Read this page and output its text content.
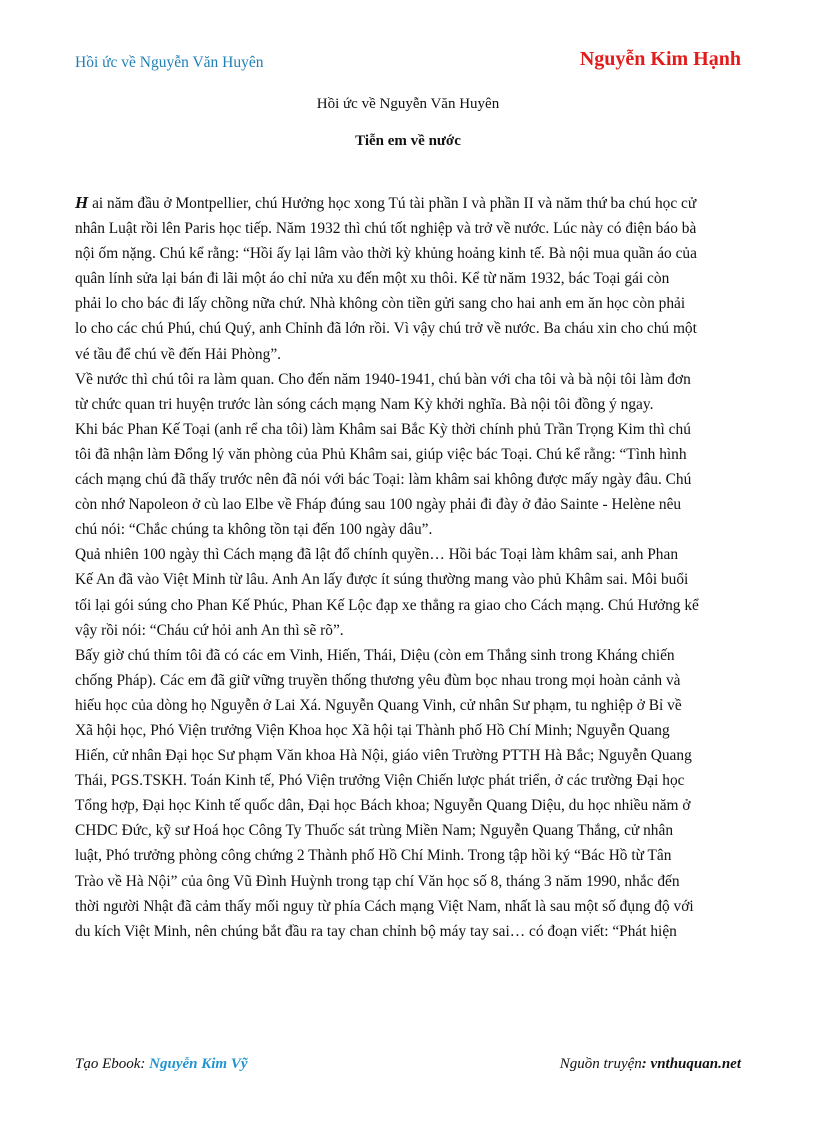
Hồi ức về Nguyễn Văn Huyên	Nguyễn Kim Hạnh
Hồi ức về Nguyễn Văn Huyên
Tiễn em về nước
H ai năm đầu ở Montpellier, chú Hưởng học xong Tú tài phần I và phần II và năm thứ ba chú học cử
nhân Luật rồi lên Paris học tiếp. Năm 1932 thì chú tốt nghiệp và trở về nước. Lúc này có điện báo bà
nội ốm nặng. Chú kể rằng: “Hồi ấy lại lâm vào thời kỳ khủng hoảng kinh tế. Bà nội mua quần áo của
quân lính sửa lại bán đi lãi một áo chỉ nửa xu đến một xu thôi. Kể từ năm 1932, bác Toại gái còn
phải lo cho bác đi lấy chồng nữa chứ. Nhà không còn tiền gửi sang cho hai anh em ăn học còn phải
lo cho các chú Phú, chú Quý, anh Chỉnh đã lớn rồi. Vì vậy chú trở về nước. Ba cháu xin cho chú một
vé tầu để chú về đến Hải Phòng”.
Về nước thì chú tôi ra làm quan. Cho đến năm 1940-1941, chú bàn với cha tôi và bà nội tôi làm đơn
từ chức quan tri huyện trước làn sóng cách mạng Nam Kỳ khởi nghĩa. Bà nội tôi đồng ý ngay.
Khi bác Phan Kế Toại (anh rể cha tôi) làm Khâm sai Bắc Kỳ thời chính phủ Trần Trọng Kim thì chú
tôi đã nhận làm Đổng lý văn phòng của Phủ Khâm sai, giúp việc bác Toại. Chú kể rằng: “Tình hình
cách mạng chú đã thấy trước nên đã nói với bác Toại: làm khâm sai không được mấy ngày đâu. Chú
còn nhớ Napoleon ở cù lao Elbe về Fháp đúng sau 100 ngày phải đi đày ở đảo Sainte - Helène nêu
chú nói: “Chắc chúng ta không tồn tại đến 100 ngày dâu”.
Quả nhiên 100 ngày thì Cách mạng đã lật đổ chính quyền… Hồi bác Toại làm khâm sai, anh Phan
Kế An đã vào Việt Minh từ lâu. Anh An lấy được ít súng thường mang vào phủ Khâm sai. Môi buổi
tối lại gói súng cho Phan Kế Phúc, Phan Kế Lộc đạp xe thẳng ra giao cho Cách mạng. Chú Hưởng kể
vậy rồi nói: “Cháu cứ hỏi anh An thì sẽ rõ”.
Bấy giờ chú thím tôi đã có các em Vinh, Hiến, Thái, Diệu (còn em Thắng sinh trong Kháng chiến
chống Pháp). Các em đã giữ vững truyền thống thương yêu đùm bọc nhau trong mọi hoàn cảnh và
hiếu học của dòng họ Nguyễn ở Lai Xá. Nguyễn Quang Vinh, cử nhân Sư phạm, tu nghiệp ở Bỉ về
Xã hội học, Phó Viện trưởng Viện Khoa học Xã hội tại Thành phố Hồ Chí Minh; Nguyễn Quang
Hiến, cử nhân Đại học Sư phạm Văn khoa Hà Nội, giáo viên Trường PTTH Hà Bắc; Nguyễn Quang
Thái, PGS.TSKH. Toán Kinh tế, Phó Viện trưởng Viện Chiến lược phát triển, ở các trường Đại học
Tổng hợp, Đại học Kinh tế quốc dân, Đại học Bách khoa; Nguyễn Quang Diệu, du học nhiều năm ở
CHDC Đức, kỹ sư Hoá học Công Ty Thuốc sát trùng Miền Nam; Nguyễn Quang Thắng, cử nhân
luật, Phó trưởng phòng công chứng 2 Thành phố Hồ Chí Minh. Trong tập hồi ký “Bác Hồ từ Tân
Trào về Hà Nội” của ông Vũ Đình Huỳnh trong tạp chí Văn học số 8, tháng 3 năm 1990, nhắc đến
thời người Nhật đã cảm thấy mối nguy từ phía Cách mạng Việt Nam, nhất là sau một số đụng độ với
du kích Việt Minh, nên chúng bắt đầu ra tay chan chỉnh bộ máy tay sai… có đoạn viết: “Phát hiện
Tạo Ebook: Nguyễn Kim Vỹ	Nguồn truyện: vnthuquan.net
